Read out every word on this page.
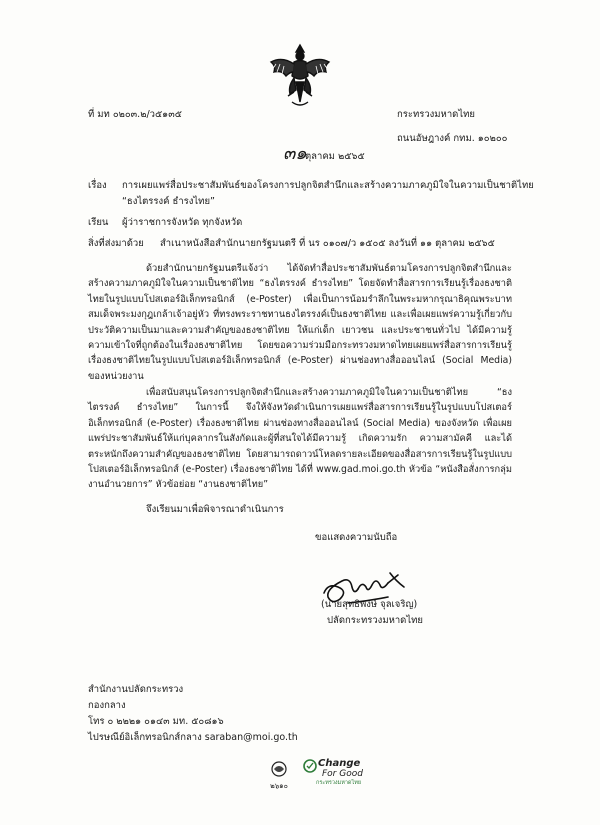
ที่ มท ๐๒๐๓.๒/ว๕๑๓๕	กระทรวงมหาดไทย
ถนนอัษฎางค์ กทม. ๑๐๒๐๐
๓๑
ตุลาคม ๒๕๖๕
เรื่อง การเผยแพร่สื่อประชาสัมพันธ์ของโครงการปลูกจิตสำนึกและสร้างความภาคภูมิใจในความเป็นชาติไทย
“ธงไตรรงค์ ธำรงไทย”
เรียน ผู้ว่าราชการจังหวัด ทุกจังหวัด
สิ่งที่ส่งมาด้วย สำเนาหนังสือสำนักนายกรัฐมนตรี ที่ นร ๐๑๐๗/ว ๑๕๐๕ ลงวันที่ ๑๑ ตุลาคม ๒๕๖๕
ด้วยสำนักนายกรัฐมนตรีแจ้งว่า ได้จัดทำสื่อประชาสัมพันธ์ตามโครงการปลูกจิตสำนึกและสร้างความภาคภูมิใจในความเป็นชาติไทย “ธงไตรรงค์ ธำรงไทย” โดยจัดทำสื่อสารการเรียนรู้เรื่องธงชาติไทยในรูปแบบโปสเตอร์อิเล็กทรอนิกส์ (e-Poster) เพื่อเป็นการน้อมรำลึกในพระมหากรุณาธิคุณพระบาทสมเด็จพระมงกุฎเกล้าเจ้าอยู่หัว ที่ทรงพระราชทานธงไตรรงค์เป็นธงชาติไทย และเพื่อเผยแพร่ความรู้เกี่ยวกับประวัติความเป็นมาและความสำคัญของธงชาติไทย ให้แก่เด็ก เยาวชน และประชาชนทั่วไป ได้มีความรู้ ความเข้าใจที่ถูกต้องในเรื่องธงชาติไทย โดยขอความร่วมมือกระทรวงมหาดไทยเผยแพร่สื่อสารการเรียนรู้เรื่องธงชาติไทยในรูปแบบโปสเตอร์อิเล็กทรอนิกส์ (e-Poster) ผ่านช่องทางสื่อออนไลน์ (Social Media) ของหน่วยงาน
เพื่อสนับสนุนโครงการปลูกจิตสำนึกและสร้างความภาคภูมิใจในความเป็นชาติไทย “ธงไตรรงค์ ธำรงไทย” ในการนี้ จึงให้จังหวัดดำเนินการเผยแพร่สื่อสารการเรียนรู้ในรูปแบบโปสเตอร์อิเล็กทรอนิกส์ (e-Poster) เรื่องธงชาติไทย ผ่านช่องทางสื่อออนไลน์ (Social Media) ของจังหวัด เพื่อเผยแพร่ประชาสัมพันธ์ให้แก่บุคลากรในสังกัดและผู้ที่สนใจได้มีความรู้ เกิดความรัก ความสามัคคี และได้ตระหนักถึงความสำคัญของธงชาติไทย โดยสามารถดาวน์โหลดรายละเอียดของสื่อสารการเรียนรู้ในรูปแบบโปสเตอร์อิเล็กทรอนิกส์ (e-Poster) เรื่องธงชาติไทย ได้ที่ www.gad.moi.go.th หัวข้อ “หนังสือสั่งการกลุ่มงานอำนวยการ” หัวข้อย่อย “งานธงชาติไทย”
จึงเรียนมาเพื่อพิจารณาดำเนินการ
ขอแสดงความนับถือ
(นายสุทธิพงษ์ จุลเจริญ)
ปลัดกระทรวงมหาดไทย
สำนักงานปลัดกระทรวง
กองกลาง
โทร ๐ ๒๒๒๑ ๐๑๔๓ มท. ๕๐๘๑๖
ไปรษณีย์อิเล็กทรอนิกส์กลาง saraban@moi.go.th
๒๖๑๐
Change
For Good
กระทรวงมหาดไทย
